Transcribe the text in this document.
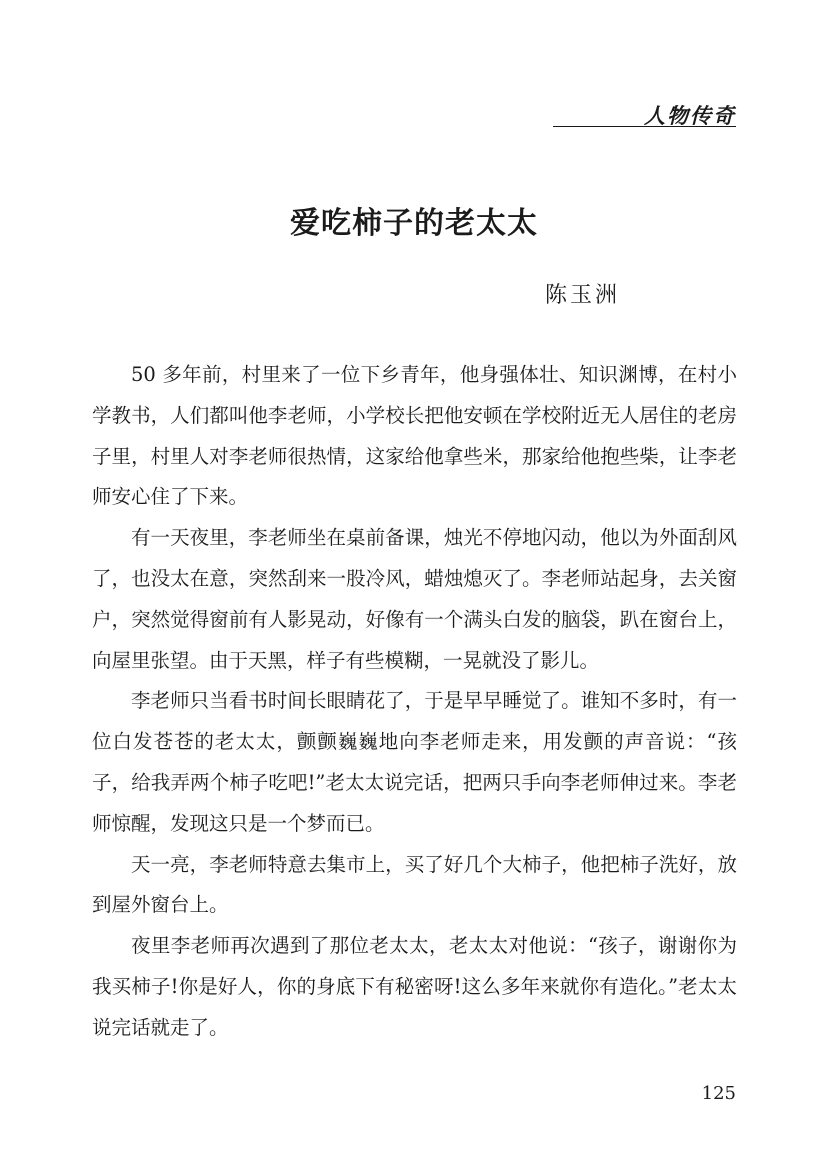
人物传奇
爱吃柿子的老太太
陈玉洲

50 多年前，村里来了一位下乡青年，他身强体壮、知识渊博，在村小学教书，人们都叫他李老师，小学校长把他安顿在学校附近无人居住的老房子里，村里人对李老师很热情，这家给他拿些米，那家给他抱些柴，让李老师安心住了下来。

有一天夜里，李老师坐在桌前备课，烛光不停地闪动，他以为外面刮风了，也没太在意，突然刮来一股冷风，蜡烛熄灭了。李老师站起身，去关窗户，突然觉得窗前有人影晃动，好像有一个满头白发的脑袋，趴在窗台上，向屋里张望。由于天黑，样子有些模糊，一晃就没了影儿。

李老师只当看书时间长眼睛花了，于是早早睡觉了。谁知不多时，有一位白发苍苍的老太太，颤颤巍巍地向李老师走来，用发颤的声音说：“孩子，给我弄两个柿子吃吧!”老太太说完话，把两只手向李老师伸过来。李老师惊醒，发现这只是一个梦而已。

天一亮，李老师特意去集市上，买了好几个大柿子，他把柿子洗好，放到屋外窗台上。

夜里李老师再次遇到了那位老太太，老太太对他说：“孩子，谢谢你为我买柿子!你是好人，你的身底下有秘密呀!这么多年来就你有造化。”老太太说完话就走了。

125
